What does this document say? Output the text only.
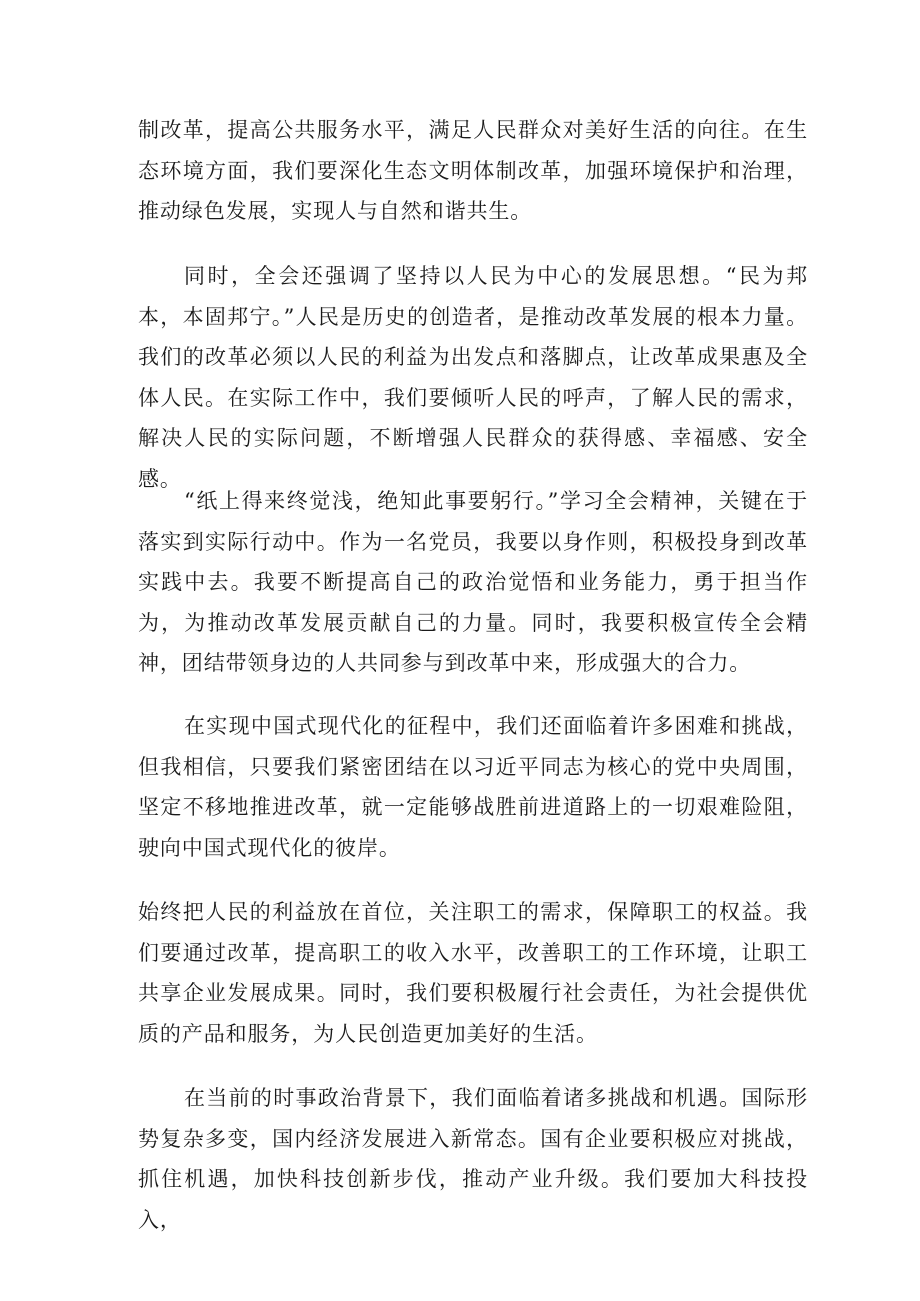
制改革，提高公共服务水平，满足人民群众对美好生活的向往。在生态环境方面，我们要深化生态文明体制改革，加强环境保护和治理，推动绿色发展，实现人与自然和谐共生。

同时，全会还强调了坚持以人民为中心的发展思想。“民为邦本，本固邦宁。”人民是历史的创造者，是推动改革发展的根本力量。我们的改革必须以人民的利益为出发点和落脚点，让改革成果惠及全体人民。在实际工作中，我们要倾听人民的呼声，了解人民的需求，解决人民的实际问题，不断增强人民群众的获得感、幸福感、安全感。

“纸上得来终觉浅，绝知此事要躬行。”学习全会精神，关键在于落实到实际行动中。作为一名党员，我要以身作则，积极投身到改革实践中去。我要不断提高自己的政治觉悟和业务能力，勇于担当作为，为推动改革发展贡献自己的力量。同时，我要积极宣传全会精神，团结带领身边的人共同参与到改革中来，形成强大的合力。

在实现中国式现代化的征程中，我们还面临着许多困难和挑战，但我相信，只要我们紧密团结在以习近平同志为核心的党中央周围，坚定不移地推进改革，就一定能够战胜前进道路上的一切艰难险阻，驶向中国式现代化的彼岸。

始终把人民的利益放在首位，关注职工的需求，保障职工的权益。我们要通过改革，提高职工的收入水平，改善职工的工作环境，让职工共享企业发展成果。同时，我们要积极履行社会责任，为社会提供优质的产品和服务，为人民创造更加美好的生活。

在当前的时事政治背景下，我们面临着诸多挑战和机遇。国际形势复杂多变，国内经济发展进入新常态。国有企业要积极应对挑战，抓住机遇，加快科技创新步伐，推动产业升级。我们要加大科技投入，
